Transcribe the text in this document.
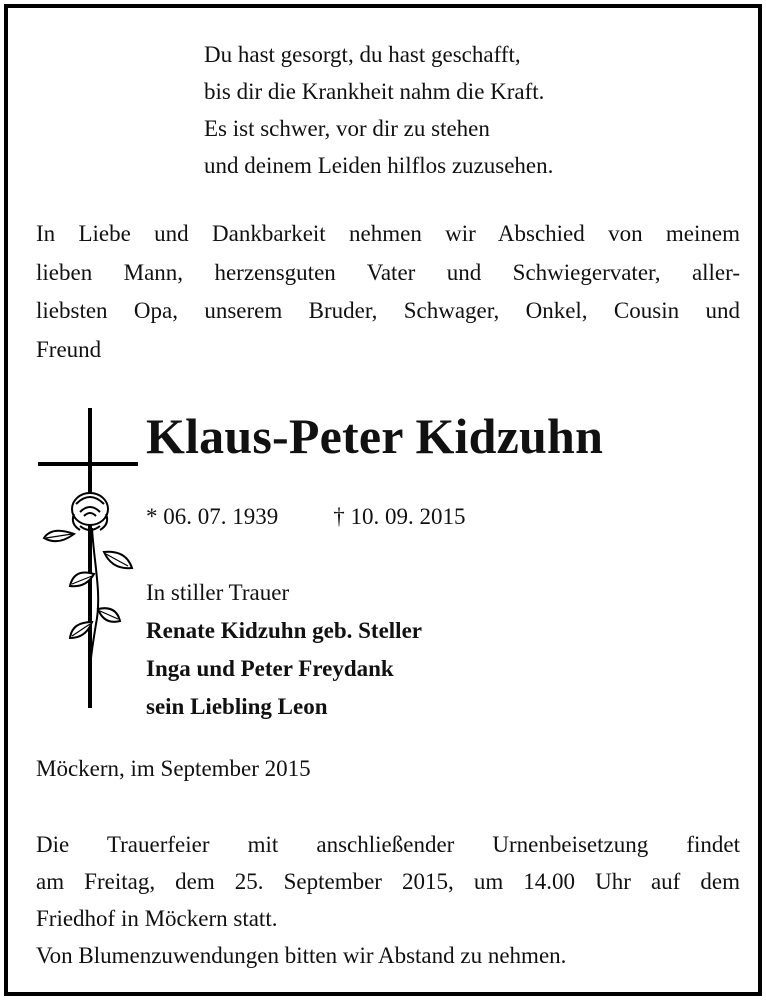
Du hast gesorgt, du hast geschafft,
bis dir die Krankheit nahm die Kraft.
Es ist schwer, vor dir zu stehen
und deinem Leiden hilflos zuzusehen.
In Liebe und Dankbarkeit nehmen wir Abschied von meinem
lieben Mann, herzensguten Vater und Schwiegervater, aller-
liebsten Opa, unserem Bruder, Schwager, Onkel, Cousin und
Freund
Klaus-Peter Kidzuhn
* 06. 07. 1939 † 10. 09. 2015
In stiller Trauer
Renate Kidzuhn geb. Steller
Inga und Peter Freydank
sein Liebling Leon
Möckern, im September 2015
Die Trauerfeier mit anschließender Urnenbeisetzung findet
am Freitag, dem 25. September 2015, um 14.00 Uhr auf dem
Friedhof in Möckern statt.
Von Blumenzuwendungen bitten wir Abstand zu nehmen.
